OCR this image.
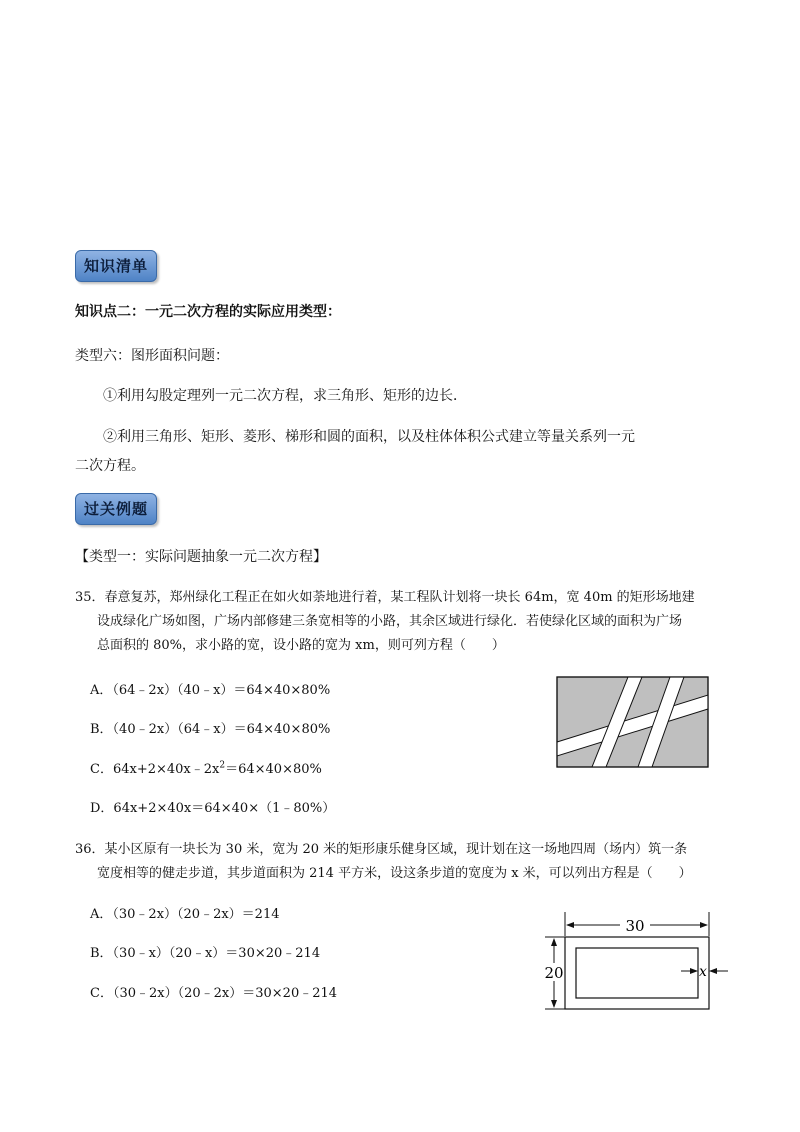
知识清单
知识点二：一元二次方程的实际应用类型：
类型六：图形面积问题：
①利用勾股定理列一元二次方程，求三角形、矩形的边长．
②利用三角形、矩形、菱形、梯形和圆的面积，以及柱体体积公式建立等量关系列一元
二次方程。
过关例题
【类型一：实际问题抽象一元二次方程】
35．春意复苏，郑州绿化工程正在如火如荼地进行着，某工程队计划将一块长 64m，宽 40m 的矩形场地建
设成绿化广场如图，广场内部修建三条宽相等的小路，其余区域进行绿化．若使绿化区域的面积为广场
总面积的 80%，求小路的宽，设小路的宽为 xm，则可列方程（　　）
A．（64﹣2x）（40﹣x）＝64×40×80%
B．（40﹣2x）（64﹣x）＝64×40×80%
C．$64x+2\times 40x﹣2x^2=64\times 40\times 80\%$
D．64x+2×40x＝64×40×（1﹣80%）
36．某小区原有一块长为 30 米，宽为 20 米的矩形康乐健身区域，现计划在这一场地四周（场内）筑一条
宽度相等的健走步道，其步道面积为 214 平方米，设这条步道的宽度为 x 米，可以列出方程是（　　）
A．（30﹣2x）（20﹣2x）＝214
B．（30﹣x）（20﹣x）＝30×20﹣214
C．（30﹣2x）（20﹣2x）＝30×20﹣214
30
20	x
